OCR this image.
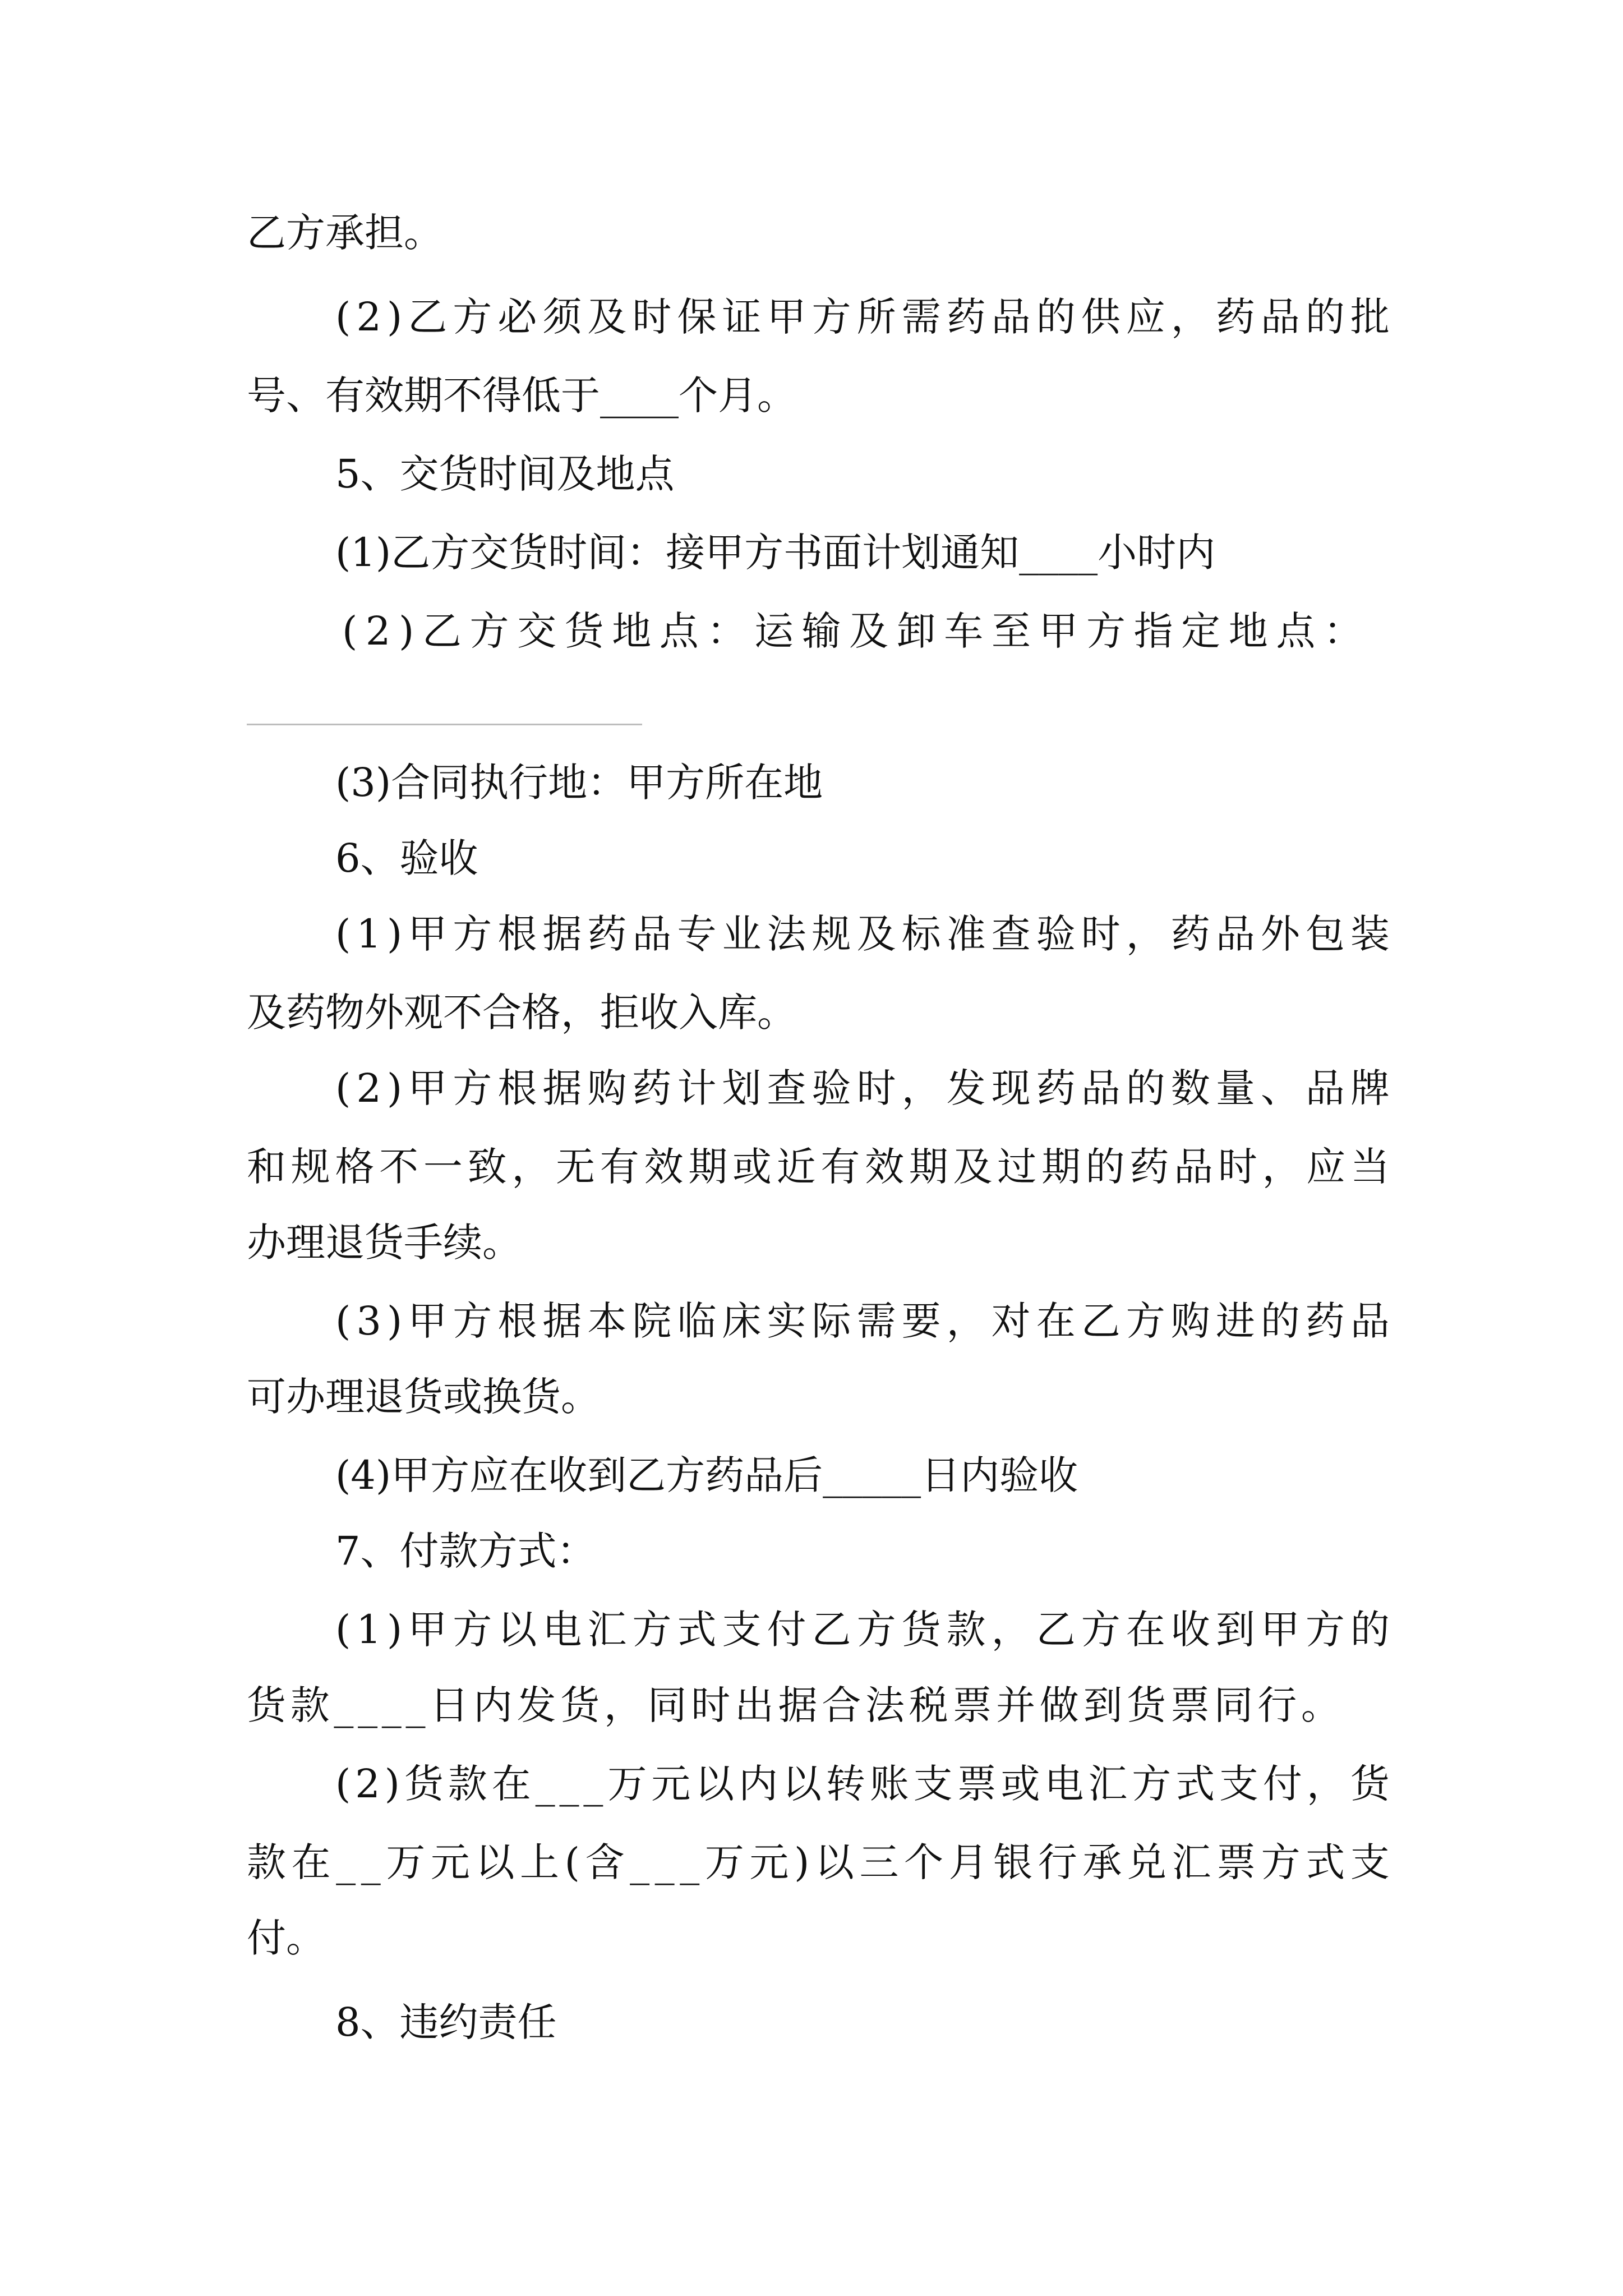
乙方承担。
( 2 ) 乙 方 必 须 及 时 保 证 甲 方 所 需 药 品 的 供 应 ， 药 品 的 批
号、有效期不得低于____个月。
5、交货时间及地点
(1)乙方交货时间：接甲方书面计划通知____小时内
( 2 ) 乙 方 交 货 地 点 ： 运 输 及 卸 车 至 甲 方 指 定 地 点 ：
(3)合同执行地：甲方所在地
6、验收
( 1 ) 甲 方 根 据 药 品 专 业 法 规 及 标 准 查 验 时 ， 药 品 外 包 装
及药物外观不合格，拒收入库。
( 2 ) 甲 方 根 据 购 药 计 划 查 验 时 ， 发 现 药 品 的 数 量 、 品 牌
和 规 格 不 一 致 ， 无 有 效 期 或 近 有 效 期 及 过 期 的 药 品 时 ， 应 当
办理退货手续。
( 3 ) 甲 方 根 据 本 院 临 床 实 际 需 要 ， 对 在 乙 方 购 进 的 药 品
可办理退货或换货。
(4)甲方应在收到乙方药品后_____日内验收
7、付款方式：
( 1 ) 甲 方 以 电 汇 方 式 支 付 乙 方 货 款 ， 乙 方 在 收 到 甲 方 的
货 款 _ _ _ _ 日 内 发 货 ， 同 时 出 据 合 法 税 票 并 做 到 货 票 同 行 。
( 2 ) 货 款 在 _ _ _ 万 元 以 内 以 转 账 支 票 或 电 汇 方 式 支 付 ， 货
款 在 _ _ 万 元 以 上 ( 含 _ _ _ 万 元 ) 以 三 个 月 银 行 承 兑 汇 票 方 式 支
付。
8、违约责任
